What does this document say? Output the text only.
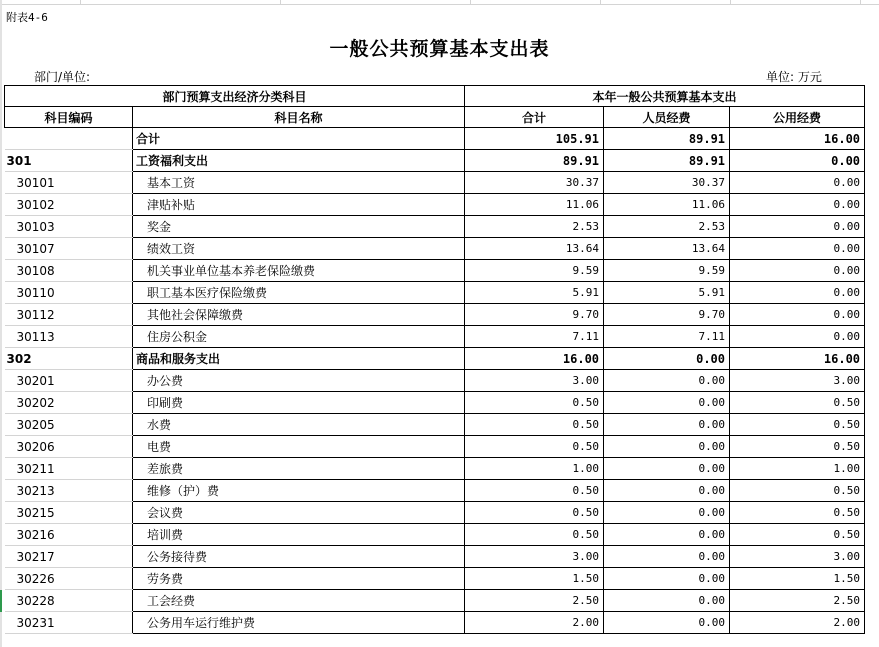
附表4-6
一般公共预算基本支出表
部门/单位:	单位: 万元
部门预算支出经济分类科目		本年一般公共预算基本支出		
科目编码	科目名称	合计	人员经费	公用经费
	合计	105.91	89.91	16.00
301	工资福利支出	89.91	89.91	0.00
30101	基本工资	30.37	30.37	0.00
30102	津贴补贴	11.06	11.06	0.00
30103	奖金	2.53	2.53	0.00
30107	绩效工资	13.64	13.64	0.00
30108	机关事业单位基本养老保险缴费	9.59	9.59	0.00
30110	职工基本医疗保险缴费	5.91	5.91	0.00
30112	其他社会保障缴费	9.70	9.70	0.00
30113	住房公积金	7.11	7.11	0.00
302	商品和服务支出	16.00	0.00	16.00
30201	办公费	3.00	0.00	3.00
30202	印刷费	0.50	0.00	0.50
30205	水费	0.50	0.00	0.50
30206	电费	0.50	0.00	0.50
30211	差旅费	1.00	0.00	1.00
30213	维修（护）费	0.50	0.00	0.50
30215	会议费	0.50	0.00	0.50
30216	培训费	0.50	0.00	0.50
30217	公务接待费	3.00	0.00	3.00
30226	劳务费	1.50	0.00	1.50
30228	工会经费	2.50	0.00	2.50
30231	公务用车运行维护费	2.00	0.00	2.00
